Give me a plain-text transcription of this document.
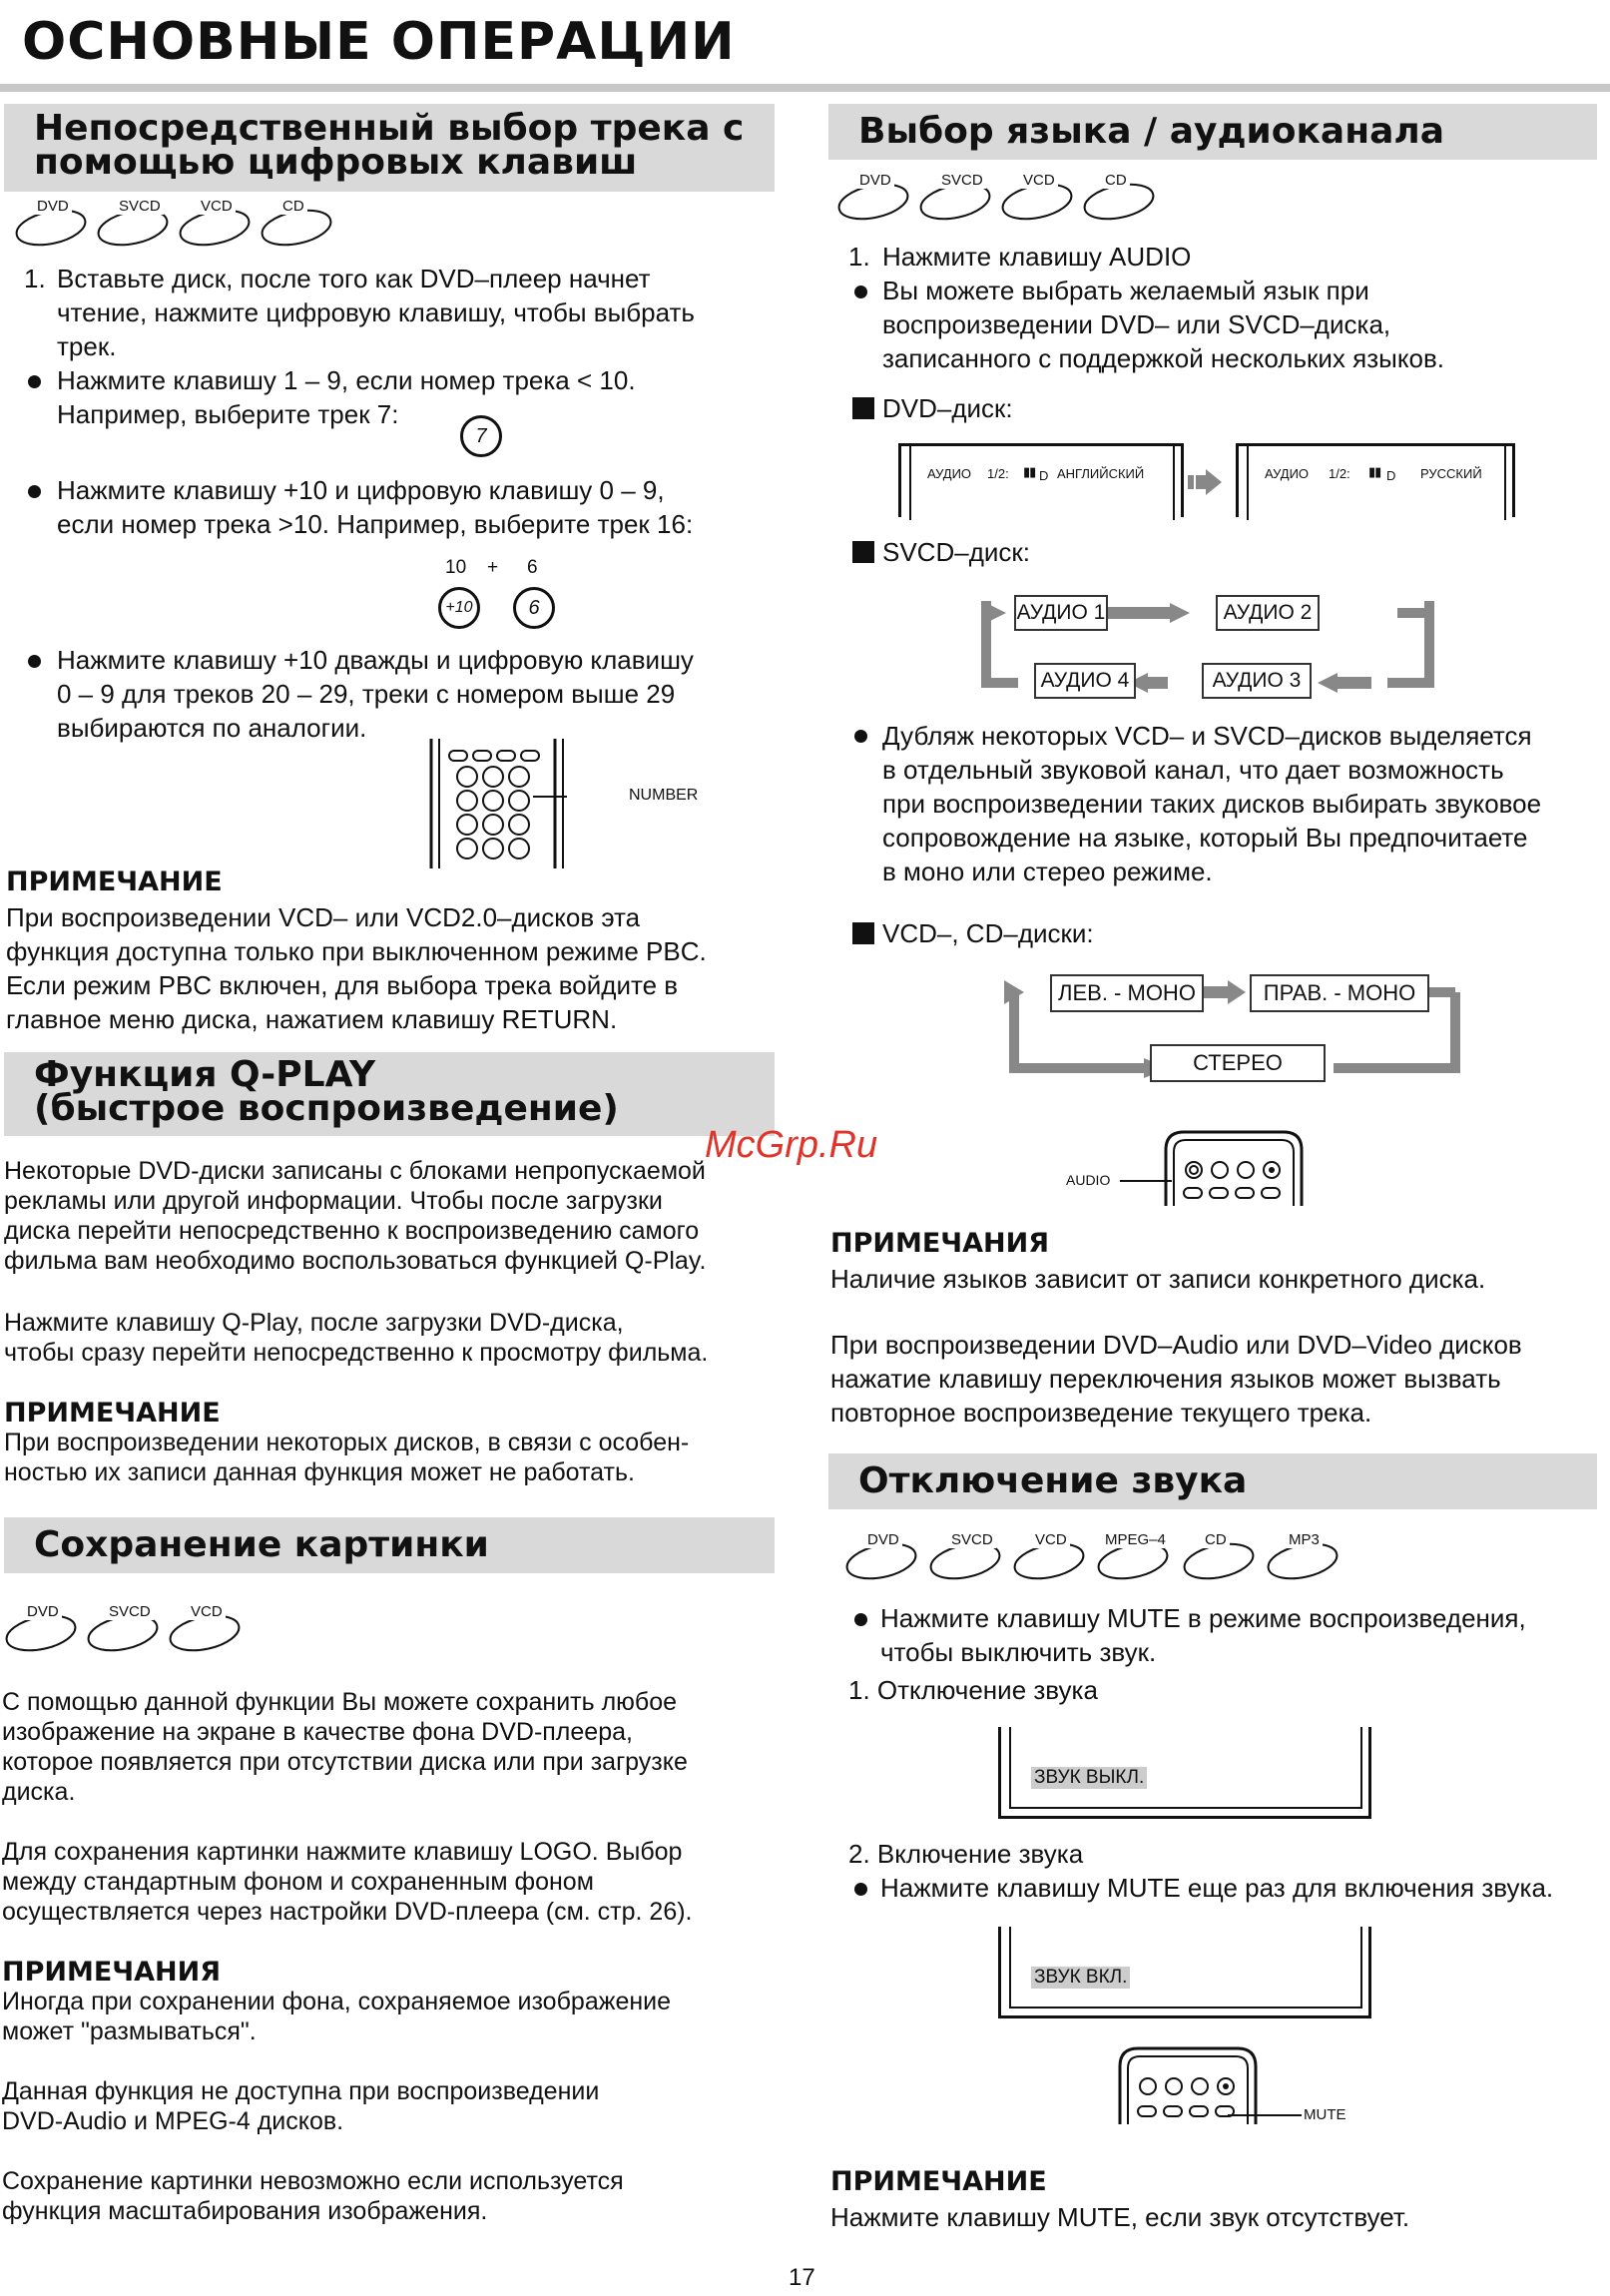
ОСНОВНЫЕ ОПЕРАЦИИ
Непосредственный выбор трека с
помощью цифровых клавиш
DVD	SVCD	VCD	CD
1. Вставьте диск, после того как DVD–плеер начнет
чтение, нажмите цифровую клавишу, чтобы выбрать
трек.
Нажмите клавишу 1 – 9, если номер трека < 10.
Например, выберите трек 7:
7
Нажмите клавишу +10 и цифровую клавишу 0 – 9,
если номер трека >10. Например, выберите трек 16:
10 + 6
+10	6
Нажмите клавишу +10 дважды и цифровую клавишу
0 – 9 для треков 20 – 29, треки с номером выше 29
выбираются по аналогии.
NUMBER
ПРИМЕЧАНИЕ
При воспроизведении VCD– или VCD2.0–дисков эта
функция доступна только при выключенном режиме PBC.
Если режим PBC включен, для выбора трека войдите в
главное меню диска, нажатием клавишу RETURN.
Функция Q-PLAY
(быстрое воспроизведение)
Некоторые DVD-диски записаны с блоками непропускаемой
рекламы или другой информации. Чтобы после загрузки
диска перейти непосредственно к воспроизведению самого
фильма вам необходимо воспользоваться функцией Q-Play.
Нажмите клавишу Q-Play, после загрузки DVD-диска,
чтобы сразу перейти непосредственно к просмотру фильма.
ПРИМЕЧАНИЕ
При воспроизведении некоторых дисков, в связи с особен-
ностью их записи данная функция может не работать.
Сохранение картинки
DVD	SVCD	VCD
С помощью данной функции Вы можете сохранить любое
изображение на экране в качестве фона DVD-плеера,
которое появляется при отсутствии диска или при загрузке
диска.
Для сохранения картинки нажмите клавишу LOGO. Выбор
между стандартным фоном и сохраненным фоном
осуществляется через настройки DVD-плеера (см. стр. 26).
ПРИМЕЧАНИЯ
Иногда при сохранении фона, сохраняемое изображение
может "размываться".
Данная функция не доступна при воспроизведении
DVD-Audio и MPEG-4 дисков.
Сохранение картинки невозможно если используется
функция масштабирования изображения.
Выбор языка / аудиоканала
DVD	SVCD	VCD	CD
1. Нажмите клавишу AUDIO
Вы можете выбрать желаемый язык при
воспроизведении DVD– или SVCD–диска,
записанного с поддержкой нескольких языков.
DVD–диск:
АУДИО 1/2: ▮▮ D АНГЛИЙСКИЙ	АУДИО 1/2: ▮▮ D РУССКИЙ
SVCD–диск:
АУДИО 1	АУДИО 2
АУДИО 4	АУДИО 3
Дубляж некоторых VCD– и SVCD–дисков выделяется
в отдельный звуковой канал, что дает возможность
при воспроизведении таких дисков выбирать звуковое
сопровождение на языке, который Вы предпочитаете
в моно или стерео режиме.
VCD–, CD–диски:
ЛЕВ. - МОНО	ПРАВ. - МОНО
СТЕРЕО
AUDIO
McGrp.Ru
ПРИМЕЧАНИЯ
Наличие языков зависит от записи конкретного диска.
При воспроизведении DVD–Audio или DVD–Video дисков
нажатие клавишу переключения языков может вызвать
повторное воспроизведение текущего трека.
Отключение звука
DVD	SVCD	VCD	MPEG–4	CD	MP3
Нажмите клавишу MUTE в режиме воспроизведения,
чтобы выключить звук.
1. Отключение звука
ЗВУК ВЫКЛ.
2. Включение звука
Нажмите клавишу MUTE еще раз для включения звука.
ЗВУК ВКЛ.
MUTE
ПРИМЕЧАНИЕ
Нажмите клавишу MUTE, если звук отсутствует.
17
